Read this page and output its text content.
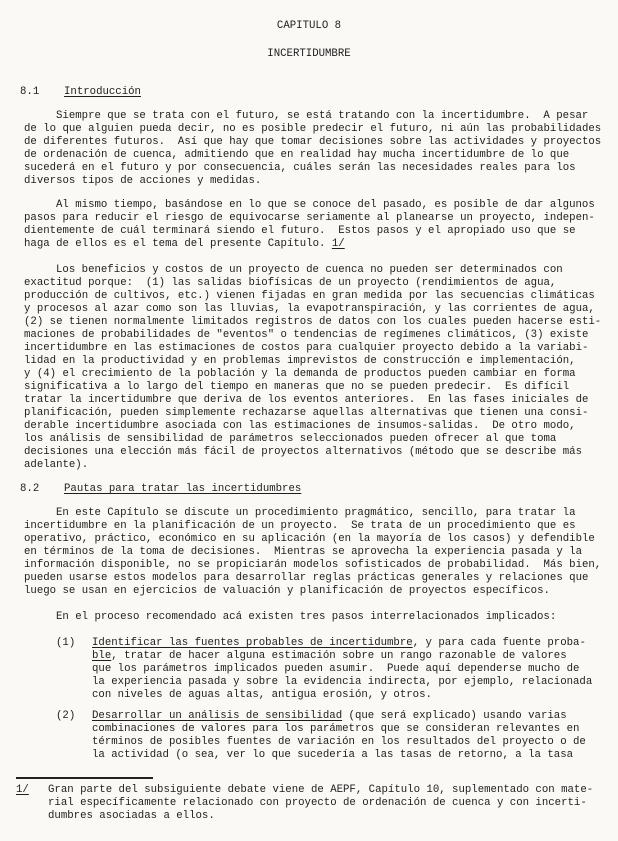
CAPITULO 8
INCERTIDUMBRE
8.1 Introducción
Siempre que se trata con el futuro, se está tratando con la incertidumbre.  A pesar
de lo que alguien pueda decir, no es posible predecir el futuro, ni aún las probabilidades
de diferentes futuros.  Así que hay que tomar decisiones sobre las actividades y proyectos
de ordenación de cuenca, admitiendo que en realidad hay mucha incertidumbre de lo que
sucederá en el futuro y por consecuencia, cuáles serán las necesidades reales para los
diversos tipos de acciones y medidas.
Al mismo tiempo, basándose en lo que se conoce del pasado, es posible de dar algunos
pasos para reducir el riesgo de equivocarse seriamente al planearse un proyecto, indepen-
dientemente de cuál terminará siendo el futuro.  Estos pasos y el apropiado uso que se
haga de ellos es el tema del presente Capítulo. 1/
Los beneficios y costos de un proyecto de cuenca no pueden ser determinados con
exactitud porque:  (1) las salidas biofísicas de un proyecto (rendimientos de agua,
producción de cultivos, etc.) vienen fijadas en gran medida por las secuencias climáticas
y procesos al azar como son las lluvias, la evapotranspiración, y las corrientes de agua,
(2) se tienen normalmente limitados registros de datos con los cuales pueden hacerse esti-
maciones de probabilidades de "eventos" o tendencias de regímenes climáticos, (3) existe
incertidumbre en las estimaciones de costos para cualquier proyecto debido a la variabi-
lidad en la productividad y en problemas imprevistos de construcción e implementación,
y (4) el crecimiento de la población y la demanda de productos pueden cambiar en forma
significativa a lo largo del tiempo en maneras que no se pueden predecir.  Es difícil
tratar la incertidumbre que deriva de los eventos anteriores.  En las fases iniciales de
planificación, pueden simplemente rechazarse aquellas alternativas que tienen una consi-
derable incertidumbre asociada con las estimaciones de insumos-salidas.  De otro modo,
los análisis de sensibilidad de parámetros seleccionados pueden ofrecer al que toma
decisiones una elección más fácil de proyectos alternativos (método que se describe más
adelante).
8.2 Pautas para tratar las incertidumbres
En este Capítulo se discute un procedimiento pragmático, sencillo, para tratar la
incertidumbre en la planificación de un proyecto.  Se trata de un procedimiento que es
operativo, práctico, económico en su aplicación (en la mayoría de los casos) y defendible
en términos de la toma de decisiones.  Mientras se aprovecha la experiencia pasada y la
información disponible, no se propiciarán modelos sofisticados de probabilidad.  Más bien,
pueden usarse estos modelos para desarrollar reglas prácticas generales y relaciones que
luego se usan en ejercicios de valuación y planificación de proyectos específicos.
En el proceso recomendado acá existen tres pasos interrelacionados implicados:
(1) Identificar las fuentes probables de incertidumbre, y para cada fuente proba-
ble, tratar de hacer alguna estimación sobre un rango razonable de valores
que los parámetros implicados pueden asumir.  Puede aquí dependerse mucho de
la experiencia pasada y sobre la evidencia indirecta, por ejemplo, relacionada
con niveles de aguas altas, antigua erosión, y otros.
(2) Desarrollar un análisis de sensibilidad (que será explicado) usando varias
combinaciones de valores para los parámetros que se consideran relevantes en
términos de posibles fuentes de variación en los resultados del proyecto o de
la actividad (o sea, ver lo que sucedería a las tasas de retorno, a la tasa
1/ Gran parte del subsiguiente debate viene de AEPF, Capítulo 10, suplementado con mate-
rial específicamente relacionado con proyecto de ordenación de cuenca y con incerti-
dumbres asociadas a ellos.
